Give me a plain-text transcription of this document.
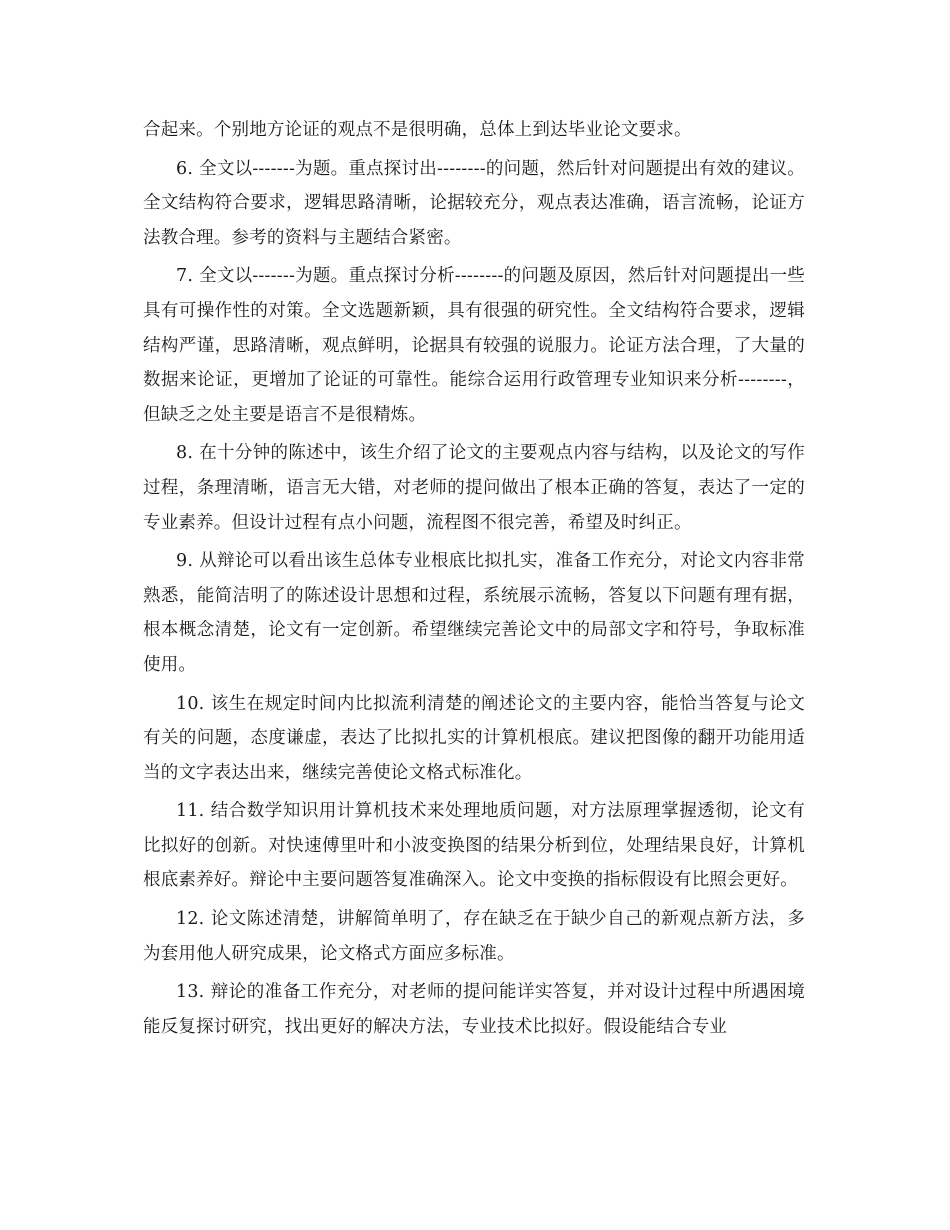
合起来。个别地方论证的观点不是很明确，总体上到达毕业论文要求。

6. 全文以-------为题。重点探讨出--------的问题，然后针对问题提出有效的建议。全文结构符合要求，逻辑思路清晰，论据较充分，观点表达准确，语言流畅，论证方法教合理。参考的资料与主题结合紧密。

7. 全文以-------为题。重点探讨分析--------的问题及原因，然后针对问题提出一些具有可操作性的对策。全文选题新颖，具有很强的研究性。全文结构符合要求，逻辑结构严谨，思路清晰，观点鲜明，论据具有较强的说服力。论证方法合理，了大量的数据来论证，更增加了论证的可靠性。能综合运用行政管理专业知识来分析--------，但缺乏之处主要是语言不是很精炼。

8. 在十分钟的陈述中，该生介绍了论文的主要观点内容与结构，以及论文的写作过程，条理清晰，语言无大错，对老师的提问做出了根本正确的答复，表达了一定的专业素养。但设计过程有点小问题，流程图不很完善，希望及时纠正。

9. 从辩论可以看出该生总体专业根底比拟扎实，准备工作充分，对论文内容非常熟悉，能简洁明了的陈述设计思想和过程，系统展示流畅，答复以下问题有理有据，根本概念清楚，论文有一定创新。希望继续完善论文中的局部文字和符号，争取标准使用。

10. 该生在规定时间内比拟流利清楚的阐述论文的主要内容，能恰当答复与论文有关的问题，态度谦虚，表达了比拟扎实的计算机根底。建议把图像的翻开功能用适当的文字表达出来，继续完善使论文格式标准化。

11. 结合数学知识用计算机技术来处理地质问题，对方法原理掌握透彻，论文有比拟好的创新。对快速傅里叶和小波变换图的结果分析到位，处理结果良好，计算机根底素养好。辩论中主要问题答复准确深入。论文中变换的指标假设有比照会更好。

12. 论文陈述清楚，讲解简单明了，存在缺乏在于缺少自己的新观点新方法，多为套用他人研究成果，论文格式方面应多标准。

13. 辩论的准备工作充分，对老师的提问能详实答复，并对设计过程中所遇困境能反复探讨研究，找出更好的解决方法，专业技术比拟好。假设能结合专业
